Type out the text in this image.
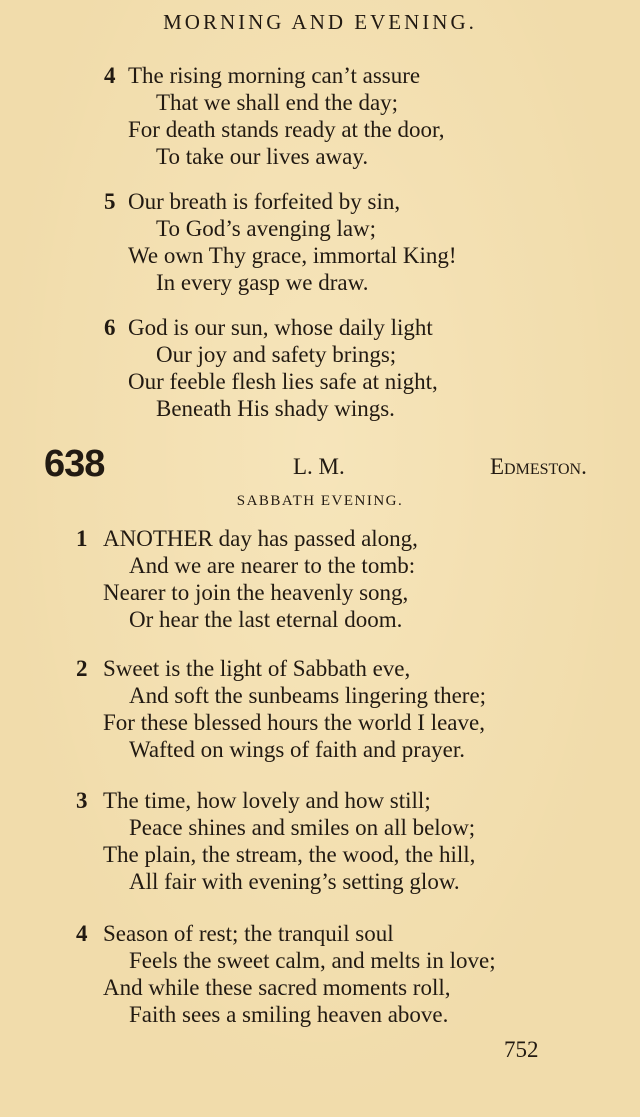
MORNING AND EVENING.
4 The rising morning can’t assure
That we shall end the day;
For death stands ready at the door,
To take our lives away.
5 Our breath is forfeited by sin,
To God’s avenging law;
We own Thy grace, immortal King!
In every gasp we draw.
6 God is our sun, whose daily light
Our joy and safety brings;
Our feeble flesh lies safe at night,
Beneath His shady wings.
638	L. M.	Edmeston.
SABBATH EVENING.
1 ANOTHER day has passed along,
And we are nearer to the tomb:
Nearer to join the heavenly song,
Or hear the last eternal doom.
2 Sweet is the light of Sabbath eve,
And soft the sunbeams lingering there;
For these blessed hours the world I leave,
Wafted on wings of faith and prayer.
3 The time, how lovely and how still;
Peace shines and smiles on all below;
The plain, the stream, the wood, the hill,
All fair with evening’s setting glow.
4 Season of rest; the tranquil soul
Feels the sweet calm, and melts in love;
And while these sacred moments roll,
Faith sees a smiling heaven above.
752
